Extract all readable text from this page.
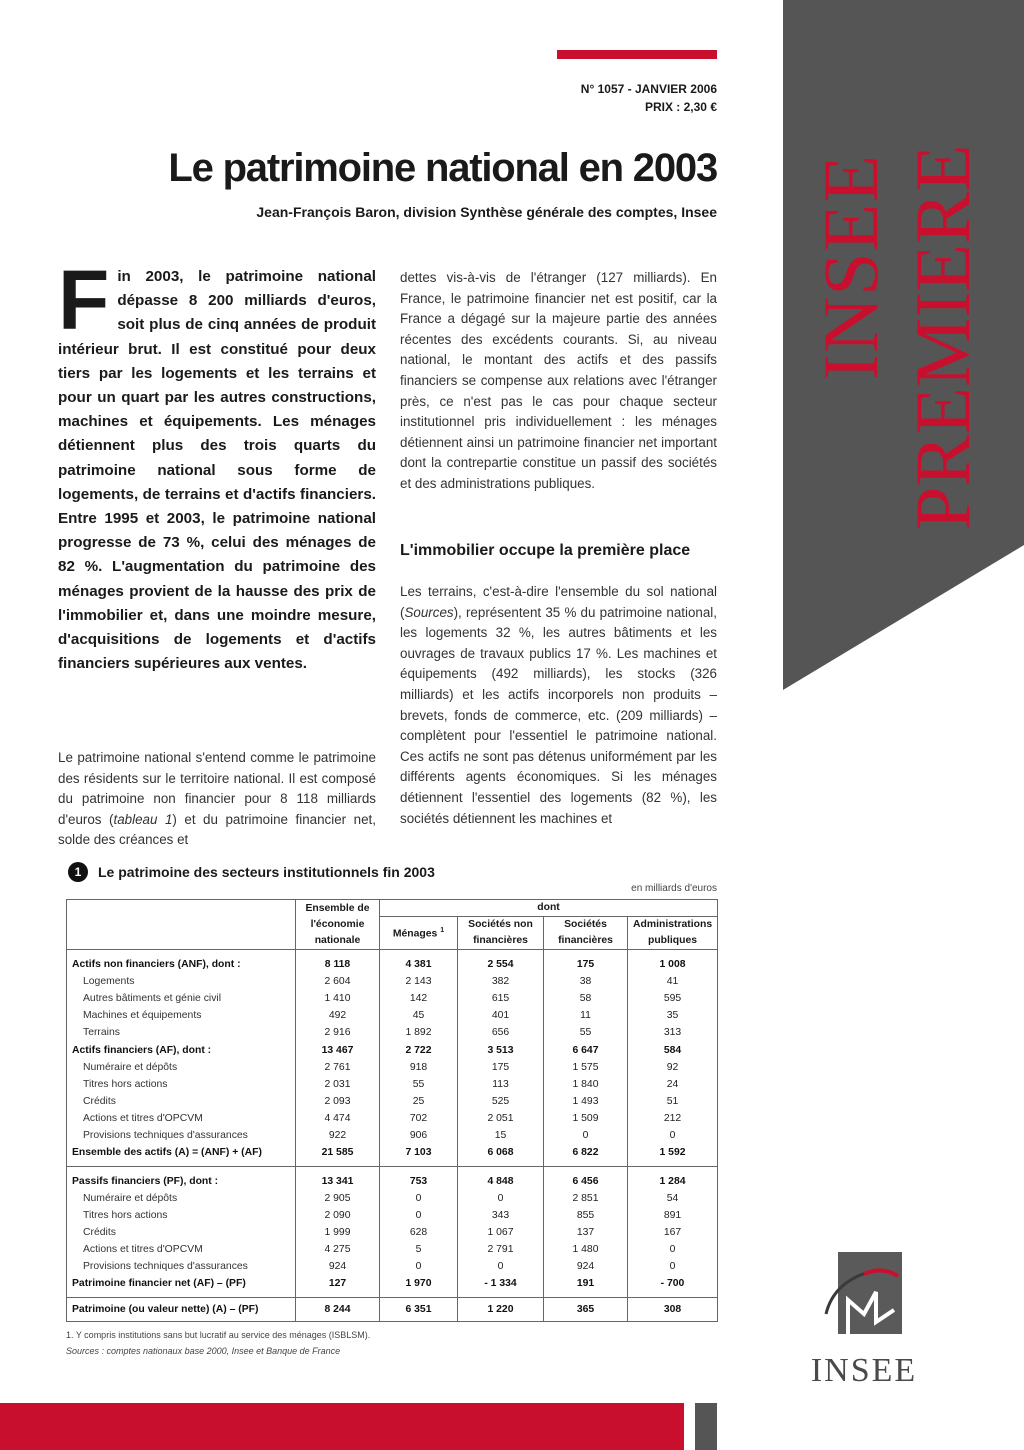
INSEE PREMIERE
INSEE
N° 1057 - JANVIER 2006
PRIX : 2,30 €
Le patrimoine national en 2003
Jean-François Baron, division Synthèse générale des comptes, Insee
Fin 2003, le patrimoine national dépasse 8 200 milliards d'euros, soit plus de cinq années de produit intérieur brut. Il est constitué pour deux tiers par les logements et les terrains et pour un quart par les autres constructions, machines et équipements. Les ménages détiennent plus des trois quarts du patrimoine national sous forme de logements, de terrains et d'actifs financiers. Entre 1995 et 2003, le patrimoine national progresse de 73 %, celui des ménages de 82 %. L'augmentation du patrimoine des ménages provient de la hausse des prix de l'immobilier et, dans une moindre mesure, d'acquisitions de logements et d'actifs financiers supérieures aux ventes.
Le patrimoine national s'entend comme le patrimoine des résidents sur le territoire national. Il est composé du patrimoine non financier pour 8 118 milliards d'euros (tableau 1) et du patrimoine financier net, solde des créances et
dettes vis-à-vis de l'étranger (127 milliards). En France, le patrimoine financier net est positif, car la France a dégagé sur la majeure partie des années récentes des excédents courants. Si, au niveau national, le montant des actifs et des passifs financiers se compense aux relations avec l'étranger près, ce n'est pas le cas pour chaque secteur institutionnel pris individuellement : les ménages détiennent ainsi un patrimoine financier net important dont la contrepartie constitue un passif des sociétés et des administrations publiques.
L'immobilier occupe la première place
Les terrains, c'est-à-dire l'ensemble du sol national (Sources), représentent 35 % du patrimoine national, les logements 32 %, les autres bâtiments et les ouvrages de travaux publics 17 %. Les machines et équipements (492 milliards), les stocks (326 milliards) et les actifs incorporels non produits – brevets, fonds de commerce, etc. (209 milliards) – complètent pour l'essentiel le patrimoine national. Ces actifs ne sont pas détenus uniformément par les différents agents économiques. Si les ménages détiennent l'essentiel des logements (82 %), les sociétés détiennent les machines et
1	Le patrimoine des secteurs institutionnels fin 2003
en milliards d'euros
	Ensemble de l'économie nationale	dont			
		Ménages $^1$	Sociétés non financières	Sociétés financières	Administrations publiques
Actifs non financiers (ANF), dont :	8 118	4 381	2 554	175	1 008
Logements	2 604	2 143	382	38	41
Autres bâtiments et génie civil	1 410	142	615	58	595
Machines et équipements	492	45	401	11	35
Terrains	2 916	1 892	656	55	313
Actifs financiers (AF), dont :	13 467	2 722	3 513	6 647	584
Numéraire et dépôts	2 761	918	175	1 575	92
Titres hors actions	2 031	55	113	1 840	24
Crédits	2 093	25	525	1 493	51
Actions et titres d'OPCVM	4 474	702	2 051	1 509	212
Provisions techniques d'assurances	922	906	15	0	0
Ensemble des actifs (A) = (ANF) + (AF)	21 585	7 103	6 068	6 822	1 592
Passifs financiers (PF), dont :	13 341	753	4 848	6 456	1 284
Numéraire et dépôts	2 905	0	0	2 851	54
Titres hors actions	2 090	0	343	855	891
Crédits	1 999	628	1 067	137	167
Actions et titres d'OPCVM	4 275	5	2 791	1 480	0
Provisions techniques d'assurances	924	0	0	924	0
Patrimoine financier net (AF) – (PF)	127	1 970	- 1 334	191	- 700
Patrimoine (ou valeur nette) (A) – (PF)	8 244	6 351	1 220	365	308
1. Y compris institutions sans but lucratif au service des ménages (ISBLSM).
Sources : comptes nationaux base 2000, Insee et Banque de France
